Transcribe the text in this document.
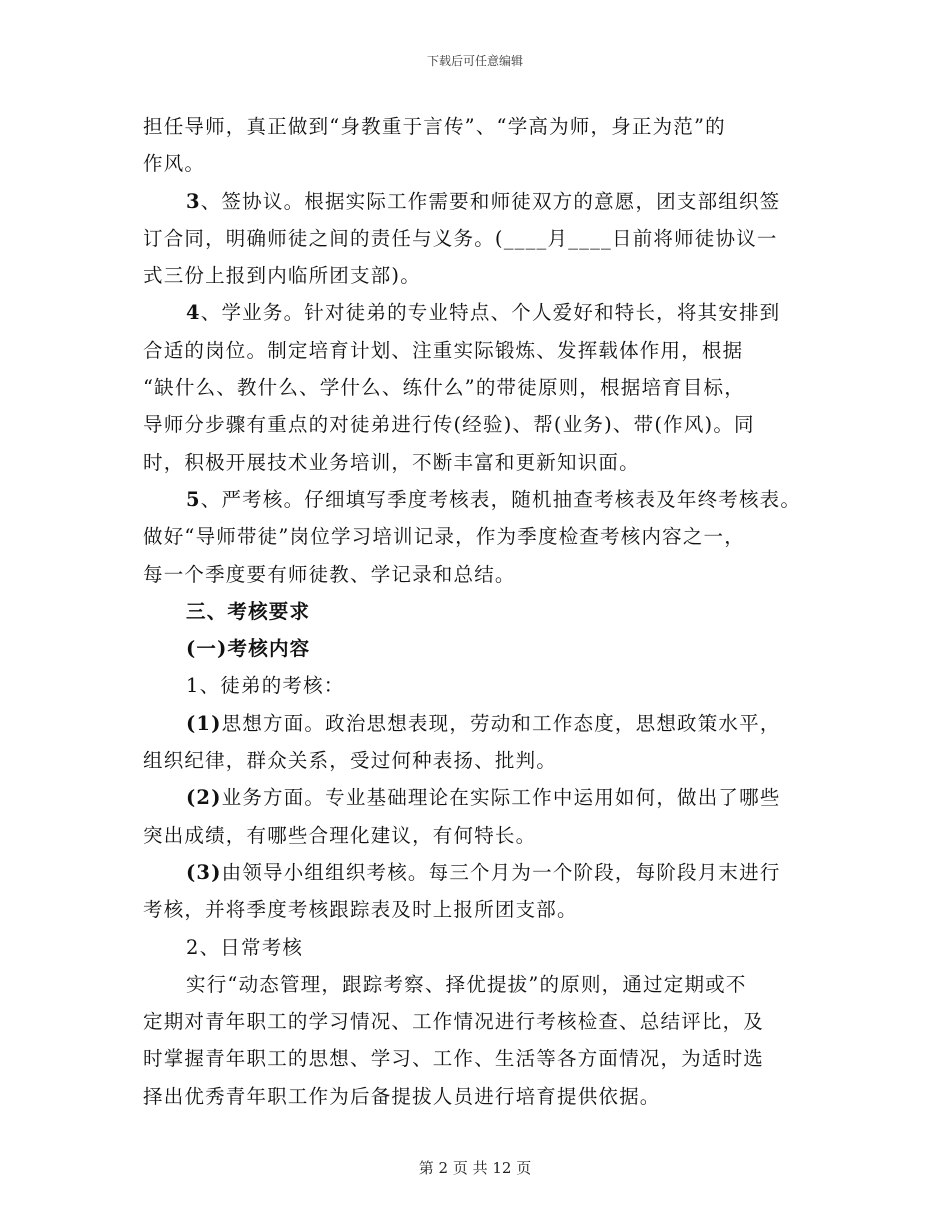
下载后可任意编辑
担任导师，真正做到“身教重于言传”、“学高为师，身正为范”的
作风。
3、签协议。根据实际工作需要和师徒双方的意愿，团支部组织签
订合同，明确师徒之间的责任与义务。(____月____日前将师徒协议一
式三份上报到内临所团支部)。
4、学业务。针对徒弟的专业特点、个人爱好和特长，将其安排到
合适的岗位。制定培育计划、注重实际锻炼、发挥载体作用，根据
“缺什么、教什么、学什么、练什么”的带徒原则，根据培育目标，
导师分步骤有重点的对徒弟进行传(经验)、帮(业务)、带(作风)。同
时，积极开展技术业务培训，不断丰富和更新知识面。
5、严考核。仔细填写季度考核表，随机抽查考核表及年终考核表。
做好“导师带徒”岗位学习培训记录，作为季度检查考核内容之一，
每一个季度要有师徒教、学记录和总结。
三、考核要求
(一)考核内容
1、徒弟的考核：
(1)思想方面。政治思想表现，劳动和工作态度，思想政策水平，
组织纪律，群众关系，受过何种表扬、批判。
(2)业务方面。专业基础理论在实际工作中运用如何，做出了哪些
突出成绩，有哪些合理化建议，有何特长。
(3)由领导小组组织考核。每三个月为一个阶段，每阶段月末进行
考核，并将季度考核跟踪表及时上报所团支部。
2、日常考核
实行“动态管理，跟踪考察、择优提拔”的原则，通过定期或不
定期对青年职工的学习情况、工作情况进行考核检查、总结评比，及
时掌握青年职工的思想、学习、工作、生活等各方面情况，为适时选
择出优秀青年职工作为后备提拔人员进行培育提供依据。
第 2 页 共 12 页
